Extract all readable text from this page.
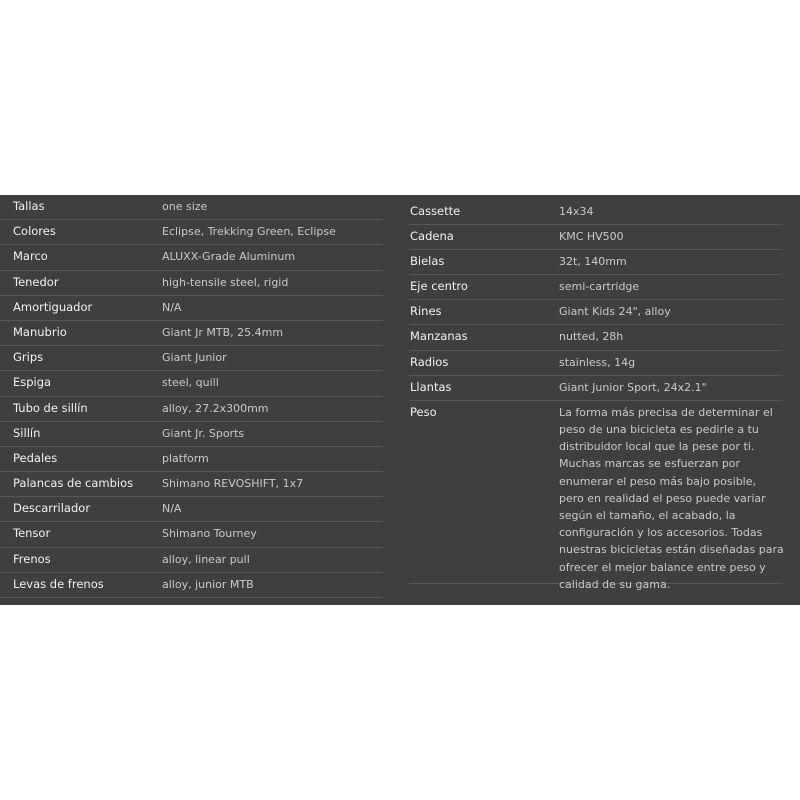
Tallas	one size
Colores	Eclipse, Trekking Green, Eclipse
Marco	ALUXX-Grade Aluminum
Tenedor	high-tensile steel, rigid
Amortiguador	N/A
Manubrio	Giant Jr MTB, 25.4mm
Grips	Giant Junior
Espiga	steel, quill
Tubo de sillín	alloy, 27.2x300mm
Sillín	Giant Jr. Sports
Pedales	platform
Palancas de cambios	Shimano REVOSHIFT, 1x7
Descarrilador	N/A
Tensor	Shimano Tourney
Frenos	alloy, linear pull
Levas de frenos	alloy, junior MTB
Cassette	14x34
Cadena	KMC HV500
Bielas	32t, 140mm
Eje centro	semi-cartridge
Rines	Giant Kids 24", alloy
Manzanas	nutted, 28h
Radios	stainless, 14g
Llantas	Giant Junior Sport, 24x2.1"
Peso	La forma más precisa de determinar el peso de una bicicleta es pedirle a tu distribuidor local que la pese por ti. Muchas marcas se esfuerzan por enumerar el peso más bajo posible, pero en realidad el peso puede variar según el tamaño, el acabado, la configuración y los accesorios. Todas nuestras bicicletas están diseñadas para ofrecer el mejor balance entre peso y calidad de su gama.
